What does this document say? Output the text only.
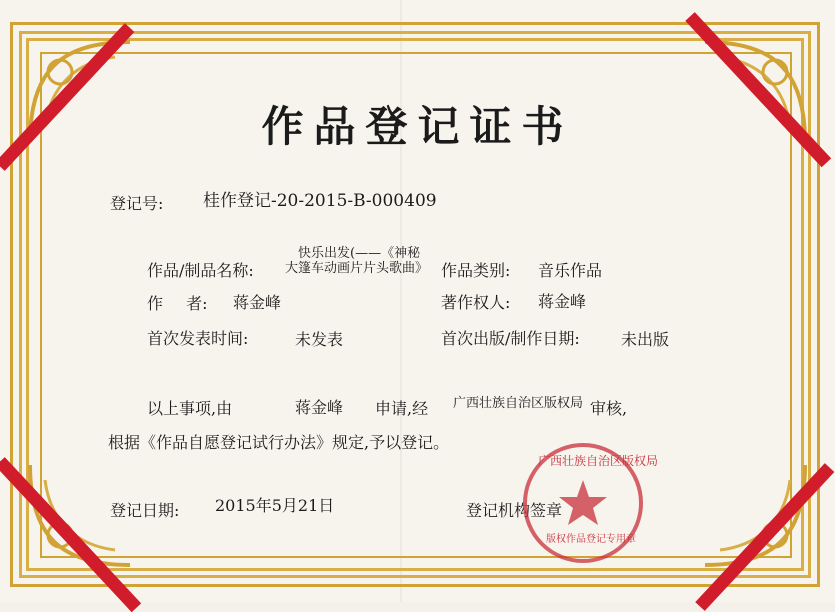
作品登记证书
登记号: 桂作登记-20-2015-B-000409
作品/制品名称:
快乐出发(——《神秘
大篷车动画片片头歌曲》 作品类别: 音乐作品
作 者: 蒋金峰	著作权人: 蒋金峰
首次发表时间:	未发表	首次出版/制作日期:	未出版
以上事项,由	蒋金峰 申请,经 广西壮族自治区版权局 审核,
根据《作品自愿登记试行办法》规定,予以登记。
登记日期: 2015年5月21日	登记机构签章
广西壮族自治区版权局
版权作品登记专用章
